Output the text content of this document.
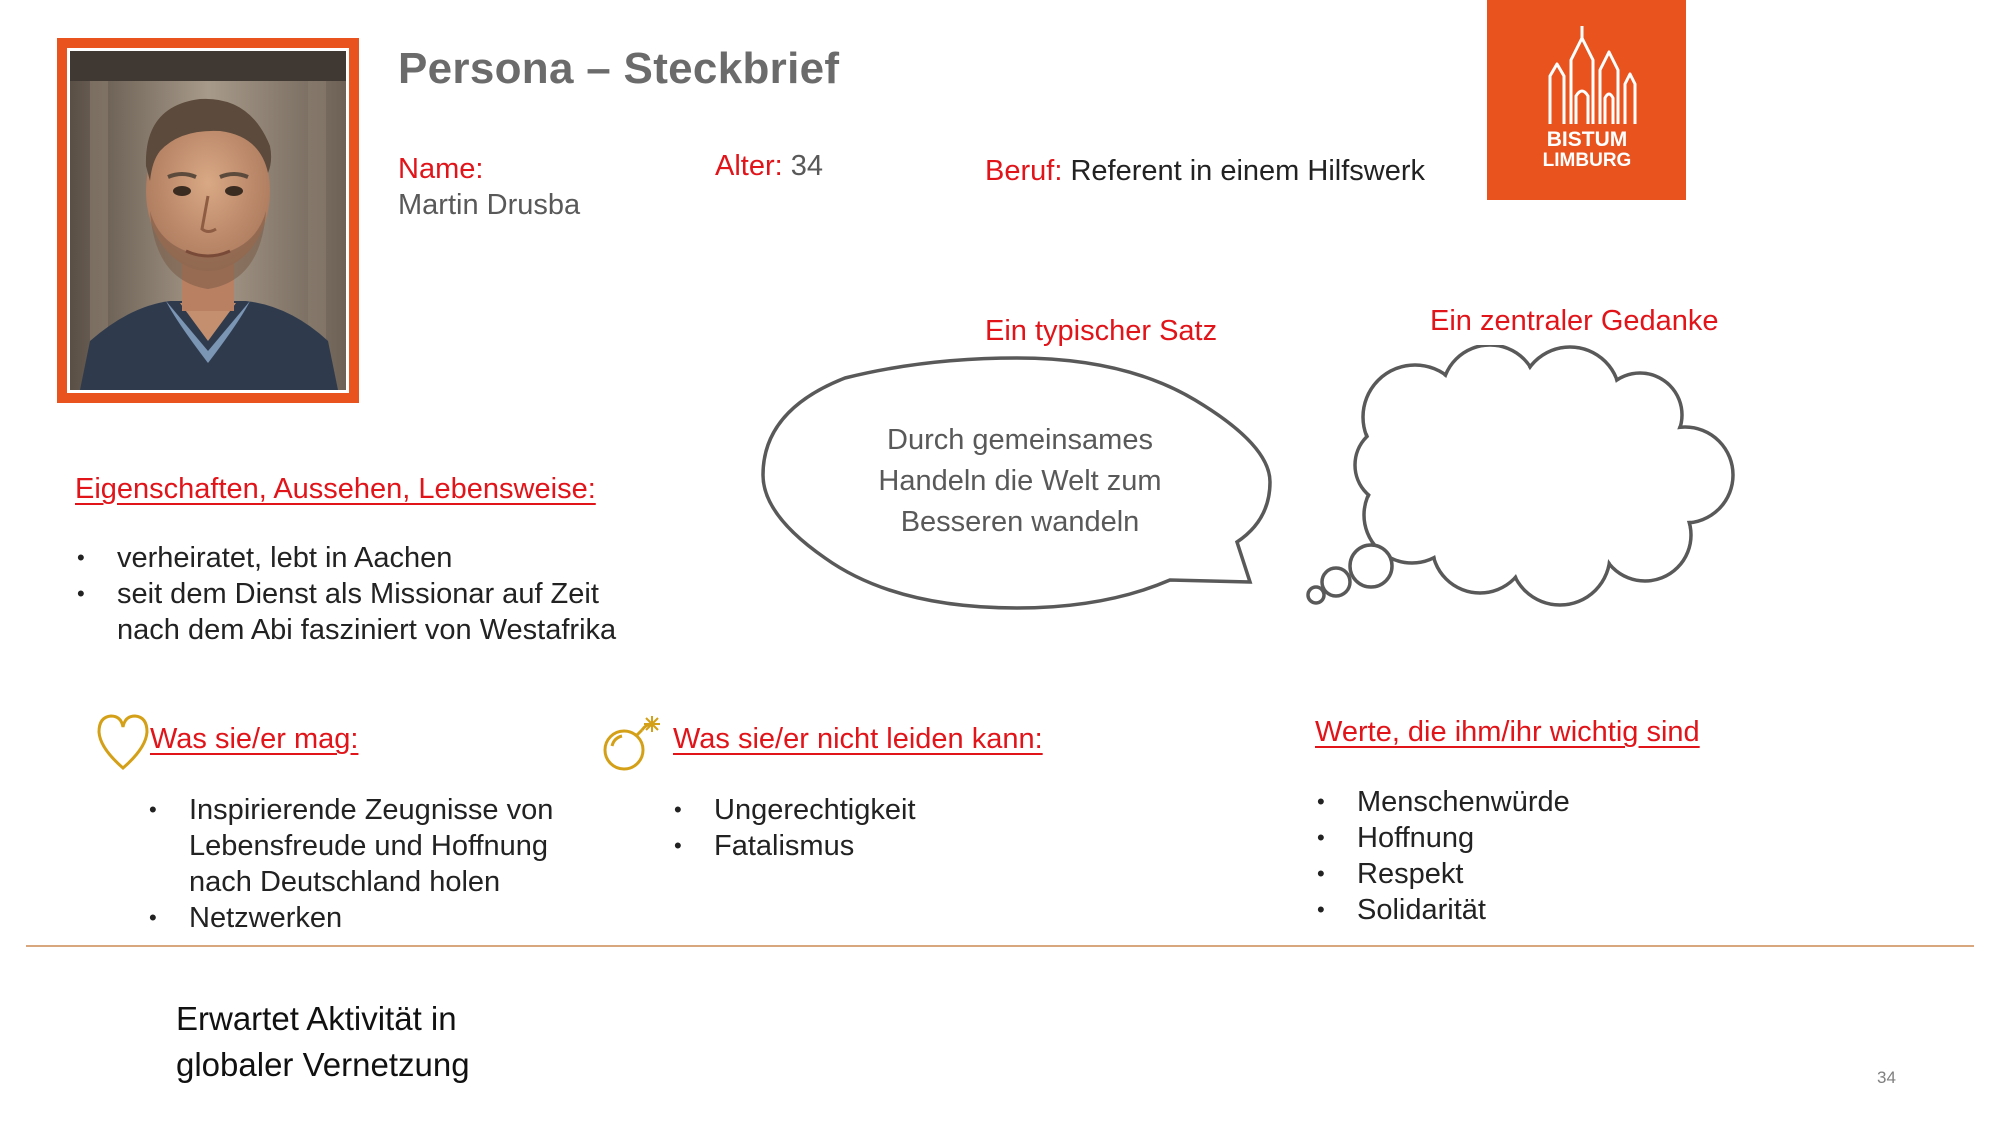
Persona – Steckbrief
Name:
Martin Drusba
Alter: 34	Beruf: Referent in einem Hilfswerk
BISTUM
LIMBURG
Ein typischer Satz
Durch gemeinsames
Handeln die Welt zum
Besseren wandeln
Ein zentraler Gedanke
Eigenschaften, Aussehen, Lebensweise:
• verheiratet, lebt in Aachen
• seit dem Dienst als Missionar auf Zeit nach dem Abi fasziniert von Westafrika
Was sie/er mag:
• Inspirierende Zeugnisse von Lebensfreude und Hoffnung nach Deutschland holen
• Netzwerken
Was sie/er nicht leiden kann:
• Ungerechtigkeit
• Fatalismus
Werte, die ihm/ihr wichtig sind
• Menschenwürde
• Hoffnung
• Respekt
• Solidarität
Erwartet Aktivität in
globaler Vernetzung	34
